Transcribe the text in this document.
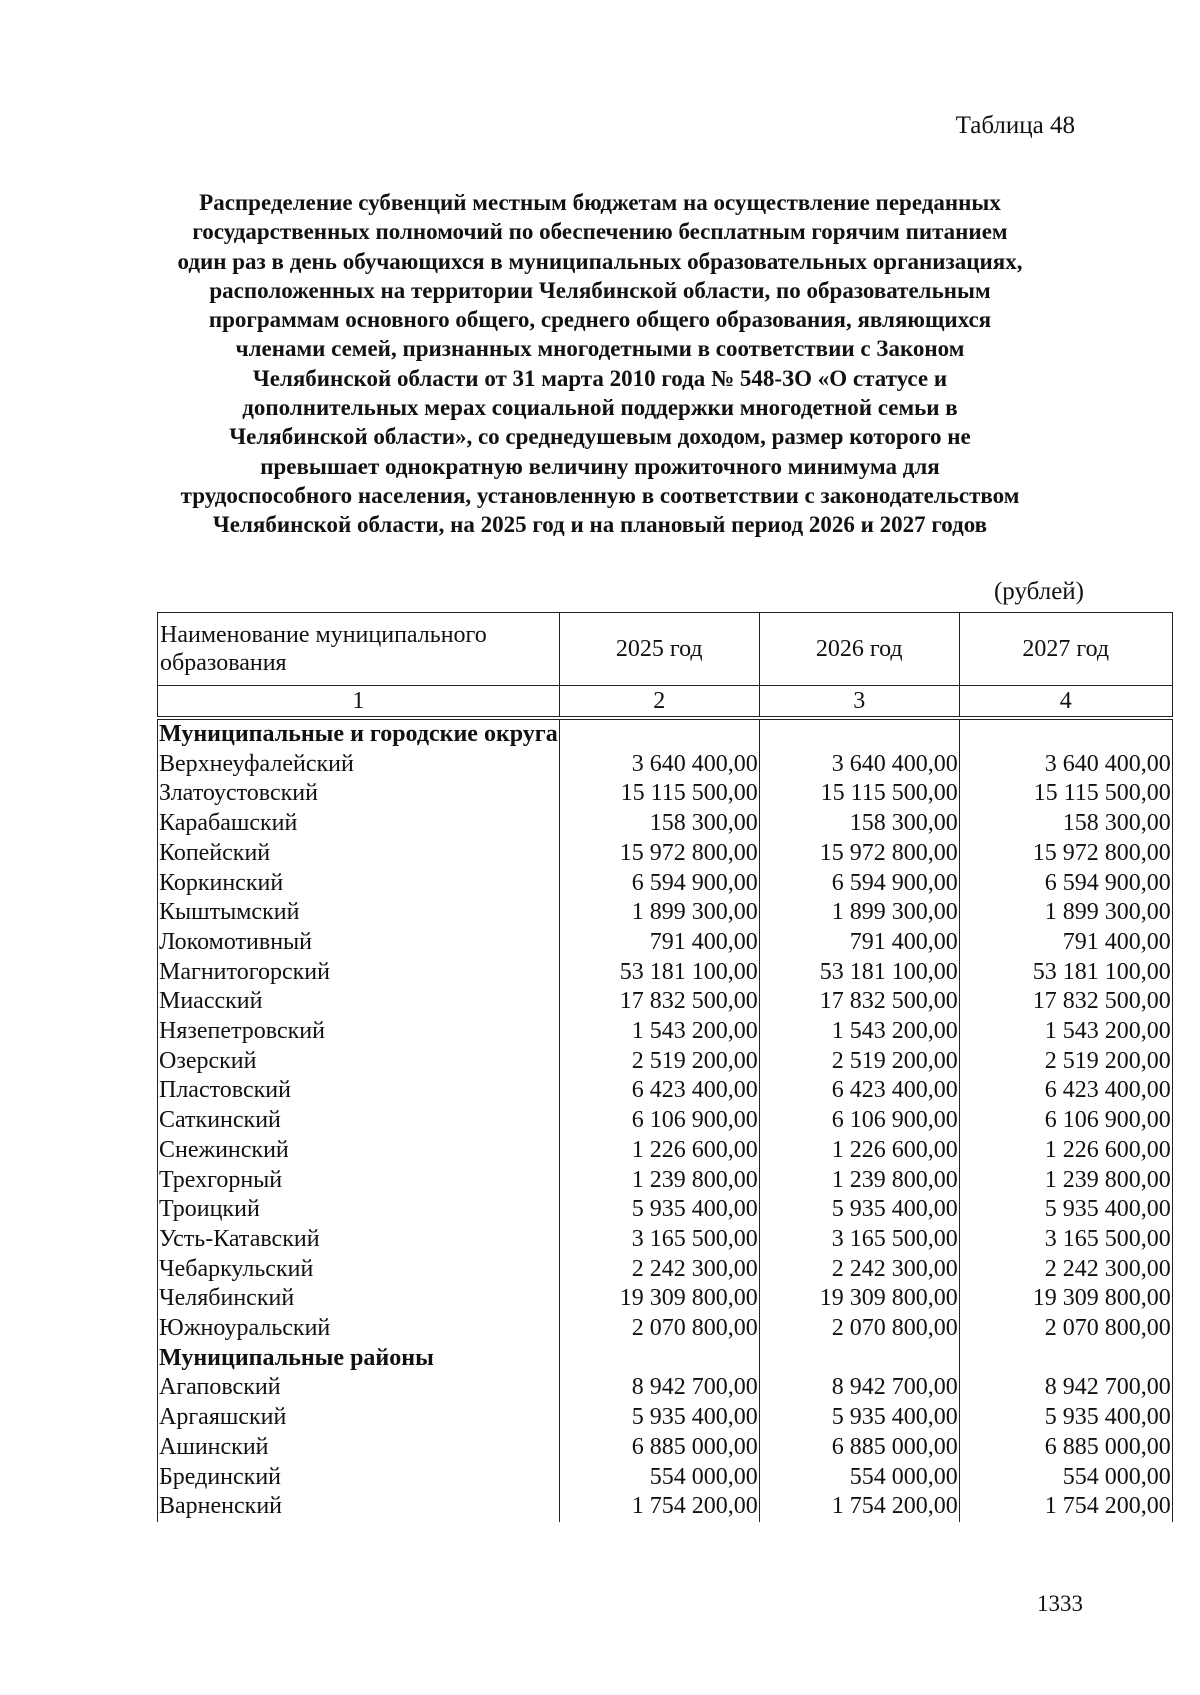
Таблица 48
Распределение субвенций местным бюджетам на осуществление переданных
государственных полномочий по обеспечению бесплатным горячим питанием
один раз в день обучающихся в муниципальных образовательных организациях,
расположенных на территории Челябинской области, по образовательным
программам основного общего, среднего общего образования, являющихся
членами семей, признанных многодетными в соответствии с Законом
Челябинской области от 31 марта 2010 года № 548-ЗО «О статусе и
дополнительных мерах социальной поддержки многодетной семьи в
Челябинской области», со среднедушевым доходом, размер которого не
превышает однократную величину прожиточного минимума для
трудоспособного населения, установленную в соответствии с законодательством
Челябинской области, на 2025 год и на плановый период 2026 и 2027 годов
(рублей)
Наименование муниципального образования	2025 год	2026 год	2027 год
1	2	3	4
Муниципальные и городские округа			
Верхнеуфалейский	3 640 400,00	3 640 400,00	3 640 400,00
Златоустовский	15 115 500,00	15 115 500,00	15 115 500,00
Карабашский	158 300,00	158 300,00	158 300,00
Копейский	15 972 800,00	15 972 800,00	15 972 800,00
Коркинский	6 594 900,00	6 594 900,00	6 594 900,00
Кыштымский	1 899 300,00	1 899 300,00	1 899 300,00
Локомотивный	791 400,00	791 400,00	791 400,00
Магнитогорский	53 181 100,00	53 181 100,00	53 181 100,00
Миасский	17 832 500,00	17 832 500,00	17 832 500,00
Нязепетровский	1 543 200,00	1 543 200,00	1 543 200,00
Озерский	2 519 200,00	2 519 200,00	2 519 200,00
Пластовский	6 423 400,00	6 423 400,00	6 423 400,00
Саткинский	6 106 900,00	6 106 900,00	6 106 900,00
Снежинский	1 226 600,00	1 226 600,00	1 226 600,00
Трехгорный	1 239 800,00	1 239 800,00	1 239 800,00
Троицкий	5 935 400,00	5 935 400,00	5 935 400,00
Усть-Катавский	3 165 500,00	3 165 500,00	3 165 500,00
Чебаркульский	2 242 300,00	2 242 300,00	2 242 300,00
Челябинский	19 309 800,00	19 309 800,00	19 309 800,00
Южноуральский	2 070 800,00	2 070 800,00	2 070 800,00
Муниципальные районы			
Агаповский	8 942 700,00	8 942 700,00	8 942 700,00
Аргаяшский	5 935 400,00	5 935 400,00	5 935 400,00
Ашинский	6 885 000,00	6 885 000,00	6 885 000,00
Брединский	554 000,00	554 000,00	554 000,00
Варненский	1 754 200,00	1 754 200,00	1 754 200,00
1333
